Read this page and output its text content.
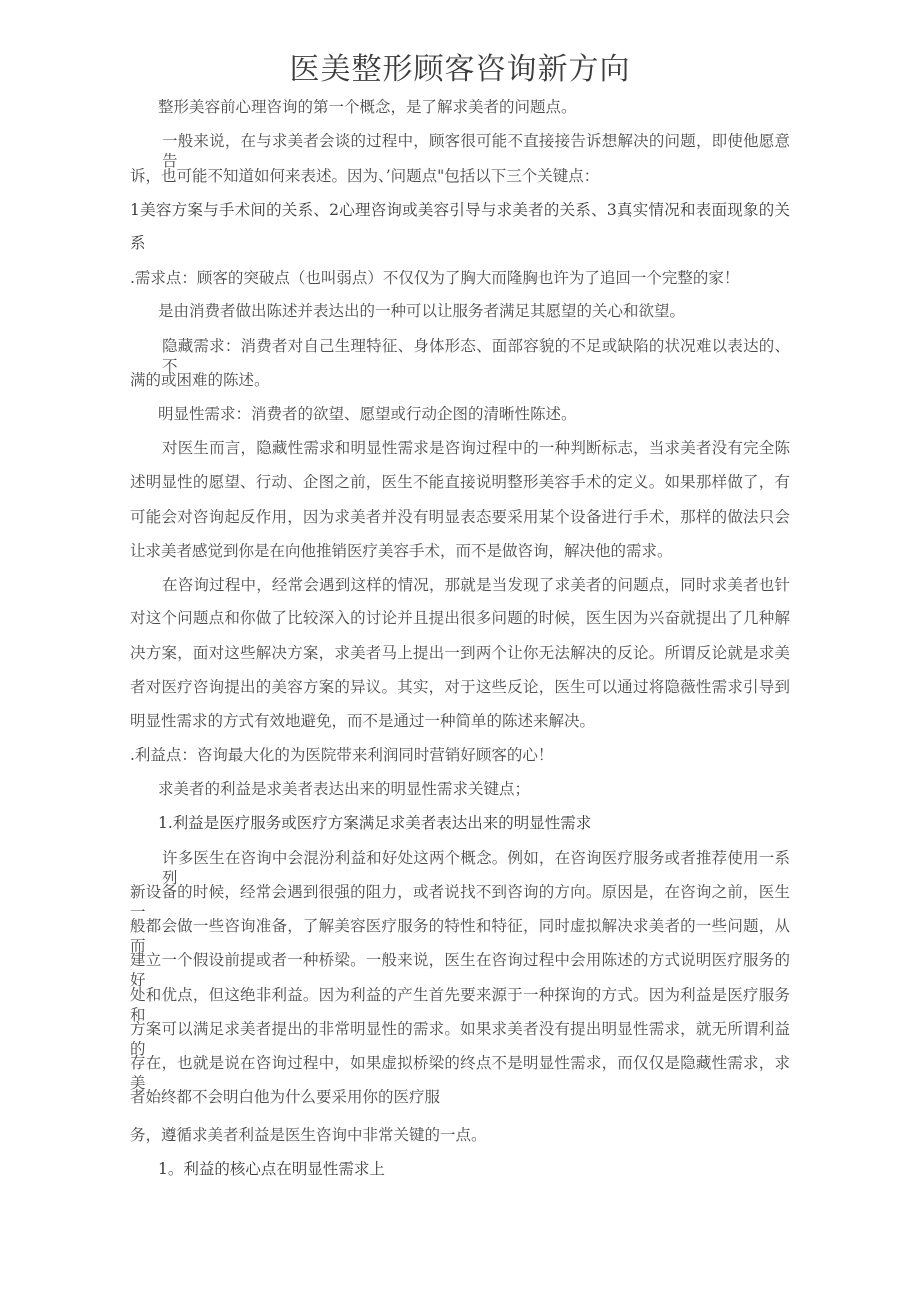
医美整形顾客咨询新方向
整形美容前心理咨询的第一个概念，是了解求美者的问题点。
一般来说，在与求美者会谈的过程中，顾客很可能不直接接告诉想解决的问题，即使他愿意告
诉，也可能不知道如何来表述。因为、’问题点"包括以下三个关键点：
1美容方案与手术间的关系、2心理咨询或美容引导与求美者的关系、3真实情况和表面现象的关
系
.需求点：顾客的突破点（也叫弱点）不仅仅为了胸大而隆胸也许为了追回一个完整的家！
是由消费者做出陈述并表达出的一种可以让服务者满足其愿望的关心和欲望。
隐藏需求：消费者对自己生理特征、身体形态、面部容貌的不足或缺陷的状况难以表达的、不
满的或困难的陈述。
明显性需求：消费者的欲望、愿望或行动企图的清晰性陈述。
对医生而言，隐藏性需求和明显性需求是咨询过程中的一种判断标志，当求美者没有完全陈
述明显性的愿望、行动、企图之前，医生不能直接说明整形美容手术的定义。如果那样做了，有
可能会对咨询起反作用，因为求美者并没有明显表态要采用某个设备进行手术，那样的做法只会
让求美者感觉到你是在向他推销医疗美容手术，而不是做咨询，解决他的需求。
在咨询过程中，经常会遇到这样的情况，那就是当发现了求美者的问题点，同时求美者也针
对这个问题点和你做了比较深入的讨论并且提出很多问题的时候，医生因为兴奋就提出了几种解
决方案，面对这些解决方案，求美者马上提出一到两个让你无法解决的反论。所谓反论就是求美
者对医疗咨询提出的美容方案的异议。其实，对于这些反论，医生可以通过将隐薇性需求引导到
明显性需求的方式有效地避免，而不是通过一种简单的陈述来解决。
.利益点：咨询最大化的为医院带来利润同时营销好顾客的心！
求美者的利益是求美者表达出来的明显性需求关键点；
1.利益是医疗服务或医疗方案满足求美者表达出来的明显性需求
许多医生在咨询中会混汾利益和好处这两个概念。例如，在咨询医疗服务或者推荐使用一系列
新设备的时候，经常会遇到很强的阻力，或者说找不到咨询的方向。原因是，在咨询之前，医生一
般都会做一些咨询准备，了解美容医疗服务的特性和特征，同时虚拟解决求美者的一些问题，从而
建立一个假设前提或者一种桥梁。一般来说，医生在咨询过程中会用陈述的方式说明医疗服务的好
处和优点，但这绝非利益。因为利益的产生首先要来源于一种探询的方式。因为利益是医疗服务和
方案可以满足求美者提出的非常明显性的需求。如果求美者没有提出明显性需求，就无所谓利益的
存在，也就是说在咨询过程中，如果虚拟桥梁的终点不是明显性需求，而仅仅是隐藏性需求，求美
者始终都不会明白他为什么要采用你的医疗服
务，遵循求美者利益是医生咨询中非常关键的一点。
1。利益的核心点在明显性需求上
